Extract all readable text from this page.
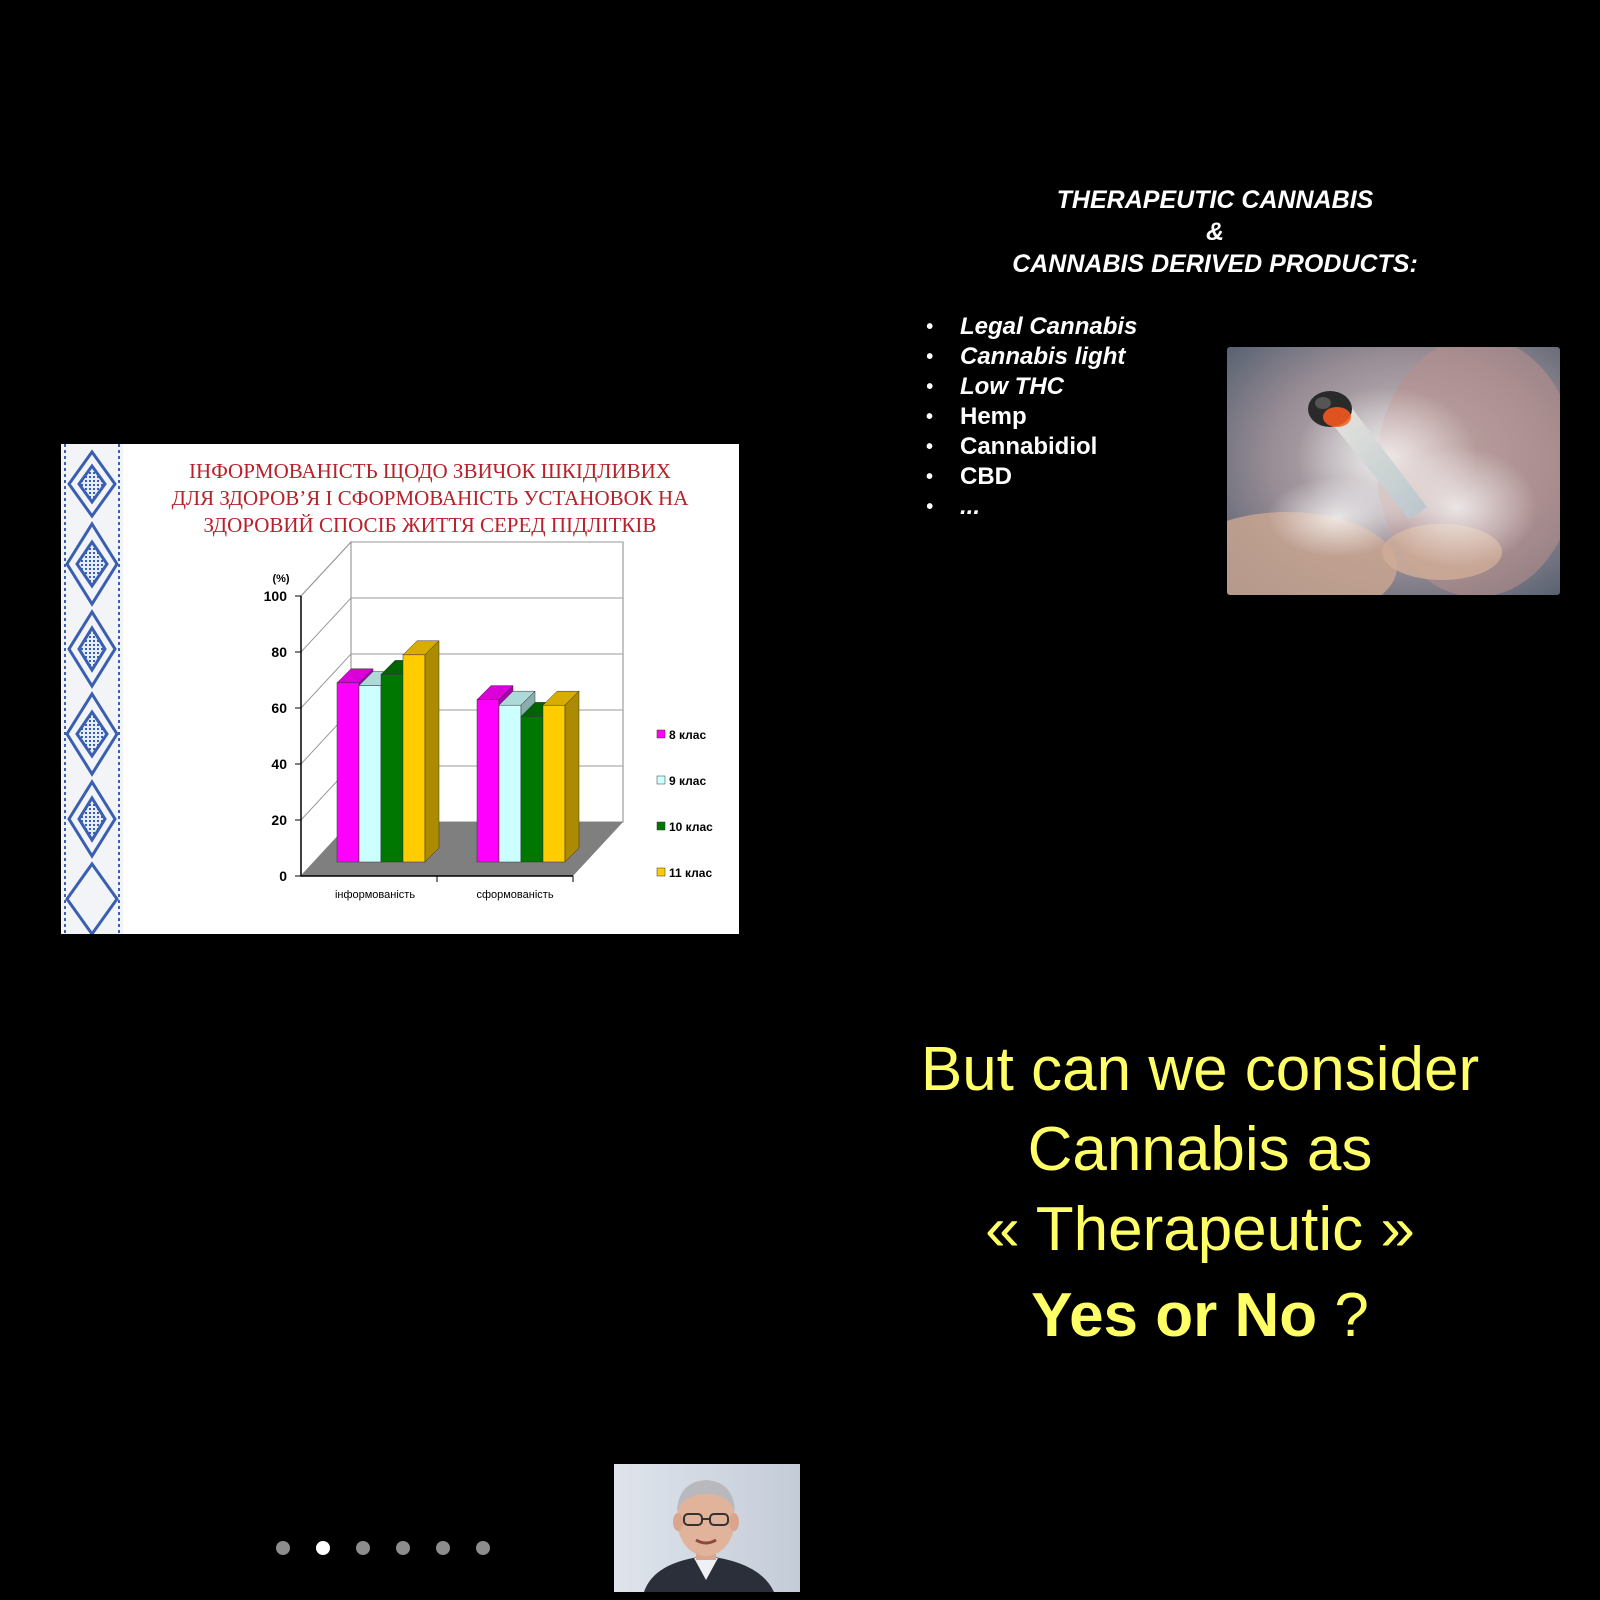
ІНФОРМОВАНІСТЬ ЩОДО ЗВИЧОК ШКІДЛИВИХ
ДЛЯ ЗДОРОВ’Я І СФОРМОВАНІСТЬ УСТАНОВОК НА
ЗДОРОВИЙ СПОСІБ ЖИТТЯ СЕРЕД ПІДЛІТКІВ
0
20
40
60
80
100
(%)
інформованість	сформованість
8 клас
9 клас
10 клас
11 клас
THERAPEUTIC CANNABIS
&
CANNABIS DERIVED PRODUCTS:
• Legal Cannabis
• Cannabis light
• Low THC
• Hemp
• Cannabidiol
• CBD
• ...
But can we consider
Cannabis as
« Therapeutic »
Yes or No ?
